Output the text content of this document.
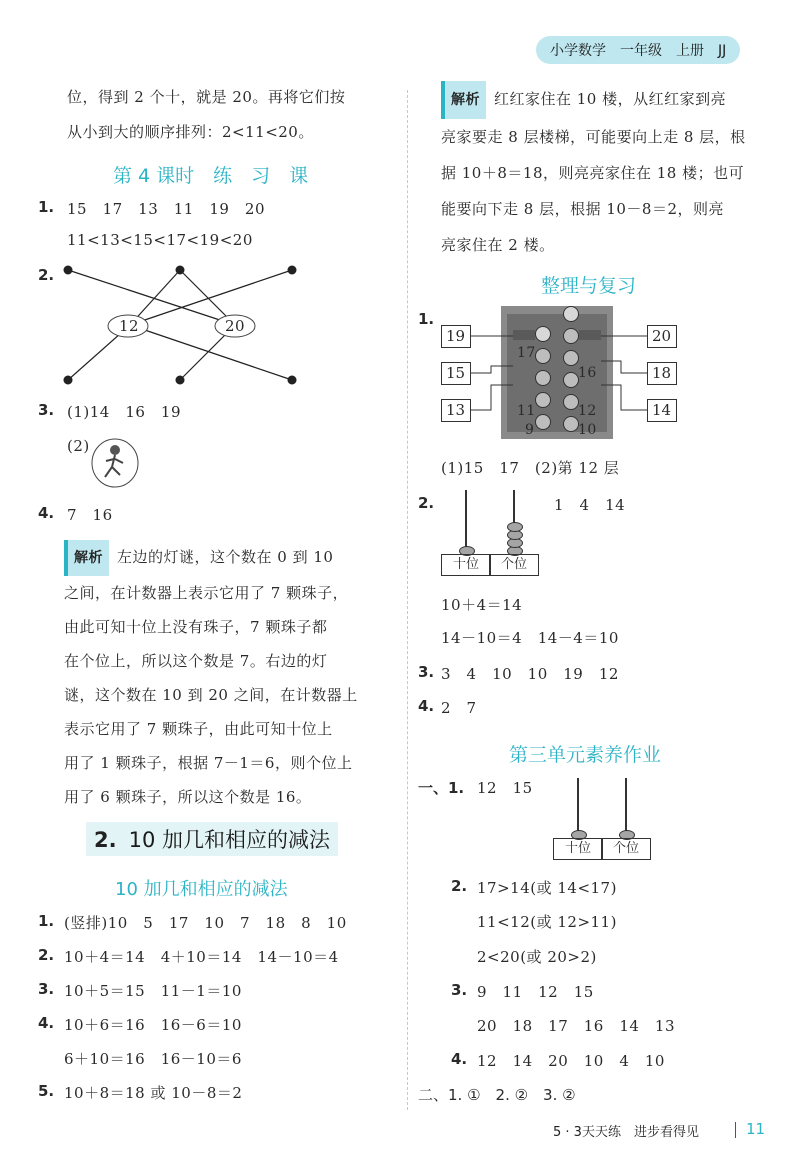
小学数学　一年级　上册　JJ
位，得到 2 个十，就是 20。再将它们按
从小到大的顺序排列：2<11<20。
第 4 课时　练　习　课
1. 15　17　13　11　19　20
11<13<15<17<19<20
2.
12	20
3. (1)14　16　19
(2)
4. 7　16
解析 左边的灯谜，这个数在 0 到 10
之间，在计数器上表示它用了 7 颗珠子，
由此可知十位上没有珠子，7 颗珠子都
在个位上，所以这个数是 7。右边的灯
谜，这个数在 10 到 20 之间，在计数器上
表示它用了 7 颗珠子，由此可知十位上
用了 1 颗珠子，根据 7－1＝6，则个位上
用了 6 颗珠子，所以这个数是 16。
2. 10 加几和相应的减法
10 加几和相应的减法
1. (竖排)10　5　17　10　7　18　8　10
2. 10＋4＝14　4＋10＝14　14－10＝4
3. 10＋5＝15　11－1＝10
4. 10＋6＝16　16－6＝10
6＋10＝16　16－10＝6
5. 10＋8＝18 或 10－8＝2
解析 红红家住在 10 楼，从红红家到亮
亮家要走 8 层楼梯，可能要向上走 8 层，根
据 10＋8＝18，则亮亮家住在 18 楼；也可
能要向下走 8 层，根据 10－8＝2，则亮
亮家住在 2 楼。
整理与复习
1.
17
16
11	12
9	10
19
15
13
20
18
14
(1)15　17　(2)第 12 层
2.	1　4　14
十位	个位
10＋4＝14
14－10＝4　14－4＝10
3. 3　4　10　10　19　12
4. 2　7
第三单元素养作业
一、1. 12　15
十位	个位
2. 17>14(或 14<17)
11<12(或 12>11)
2<20(或 20>2)
3. 9　11　12　15
20　18　17　16　14　13
4. 12　14　20　10　4　10
二、1. ①　2. ②　3. ②
5 · 3天天练　进步看得见	11
